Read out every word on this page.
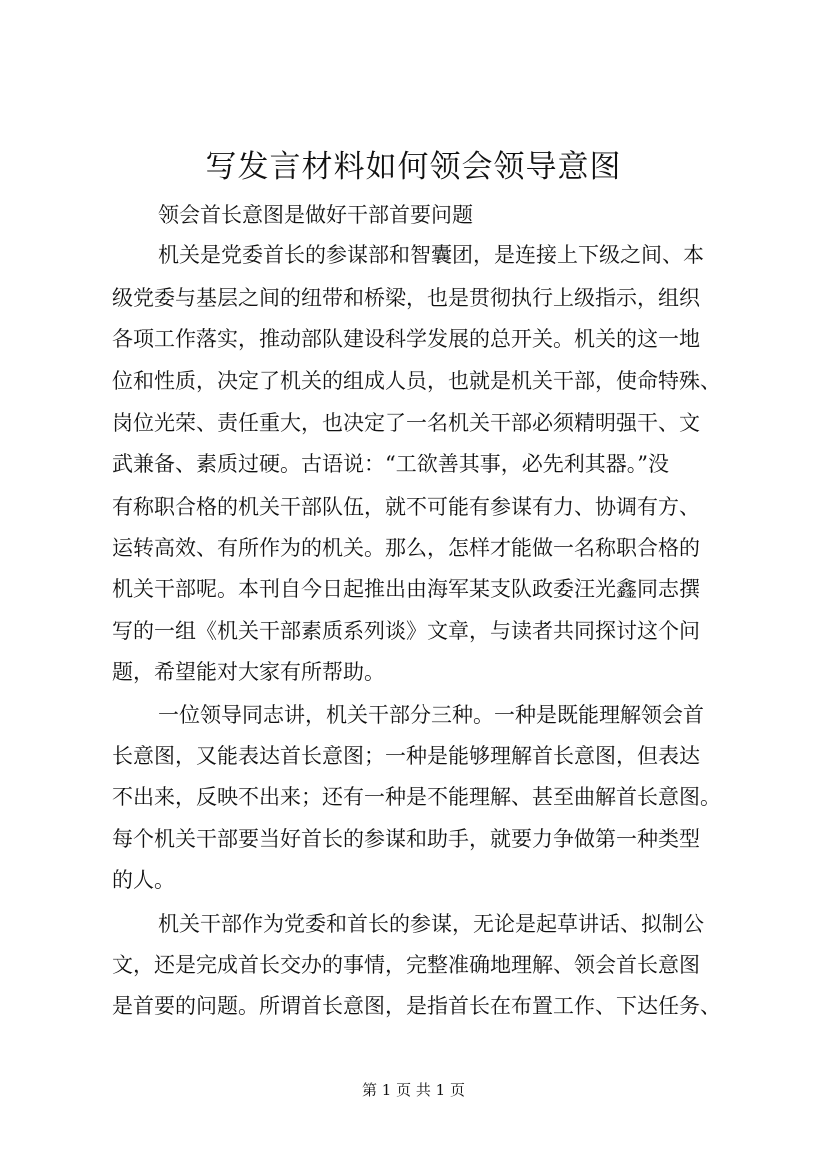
写发言材料如何领会领导意图
领会首长意图是做好干部首要问题
机关是党委首长的参谋部和智囊团，是连接上下级之间、本
级党委与基层之间的纽带和桥梁，也是贯彻执行上级指示，组织
各项工作落实，推动部队建设科学发展的总开关。机关的这一地
位和性质，决定了机关的组成人员，也就是机关干部，使命特殊、
岗位光荣、责任重大，也决定了一名机关干部必须精明强干、文
武兼备、素质过硬。古语说：“工欲善其事，必先利其器。”没
有称职合格的机关干部队伍，就不可能有参谋有力、协调有方、
运转高效、有所作为的机关。那么，怎样才能做一名称职合格的
机关干部呢。本刊自今日起推出由海军某支队政委汪光鑫同志撰
写的一组《机关干部素质系列谈》文章，与读者共同探讨这个问
题，希望能对大家有所帮助。
一位领导同志讲，机关干部分三种。一种是既能理解领会首
长意图，又能表达首长意图；一种是能够理解首长意图，但表达
不出来，反映不出来；还有一种是不能理解、甚至曲解首长意图。
每个机关干部要当好首长的参谋和助手，就要力争做第一种类型
的人。
机关干部作为党委和首长的参谋，无论是起草讲话、拟制公
文，还是完成首长交办的事情，完整准确地理解、领会首长意图
是首要的问题。所谓首长意图，是指首长在布置工作、下达任务、
第 1 页 共 1 页
